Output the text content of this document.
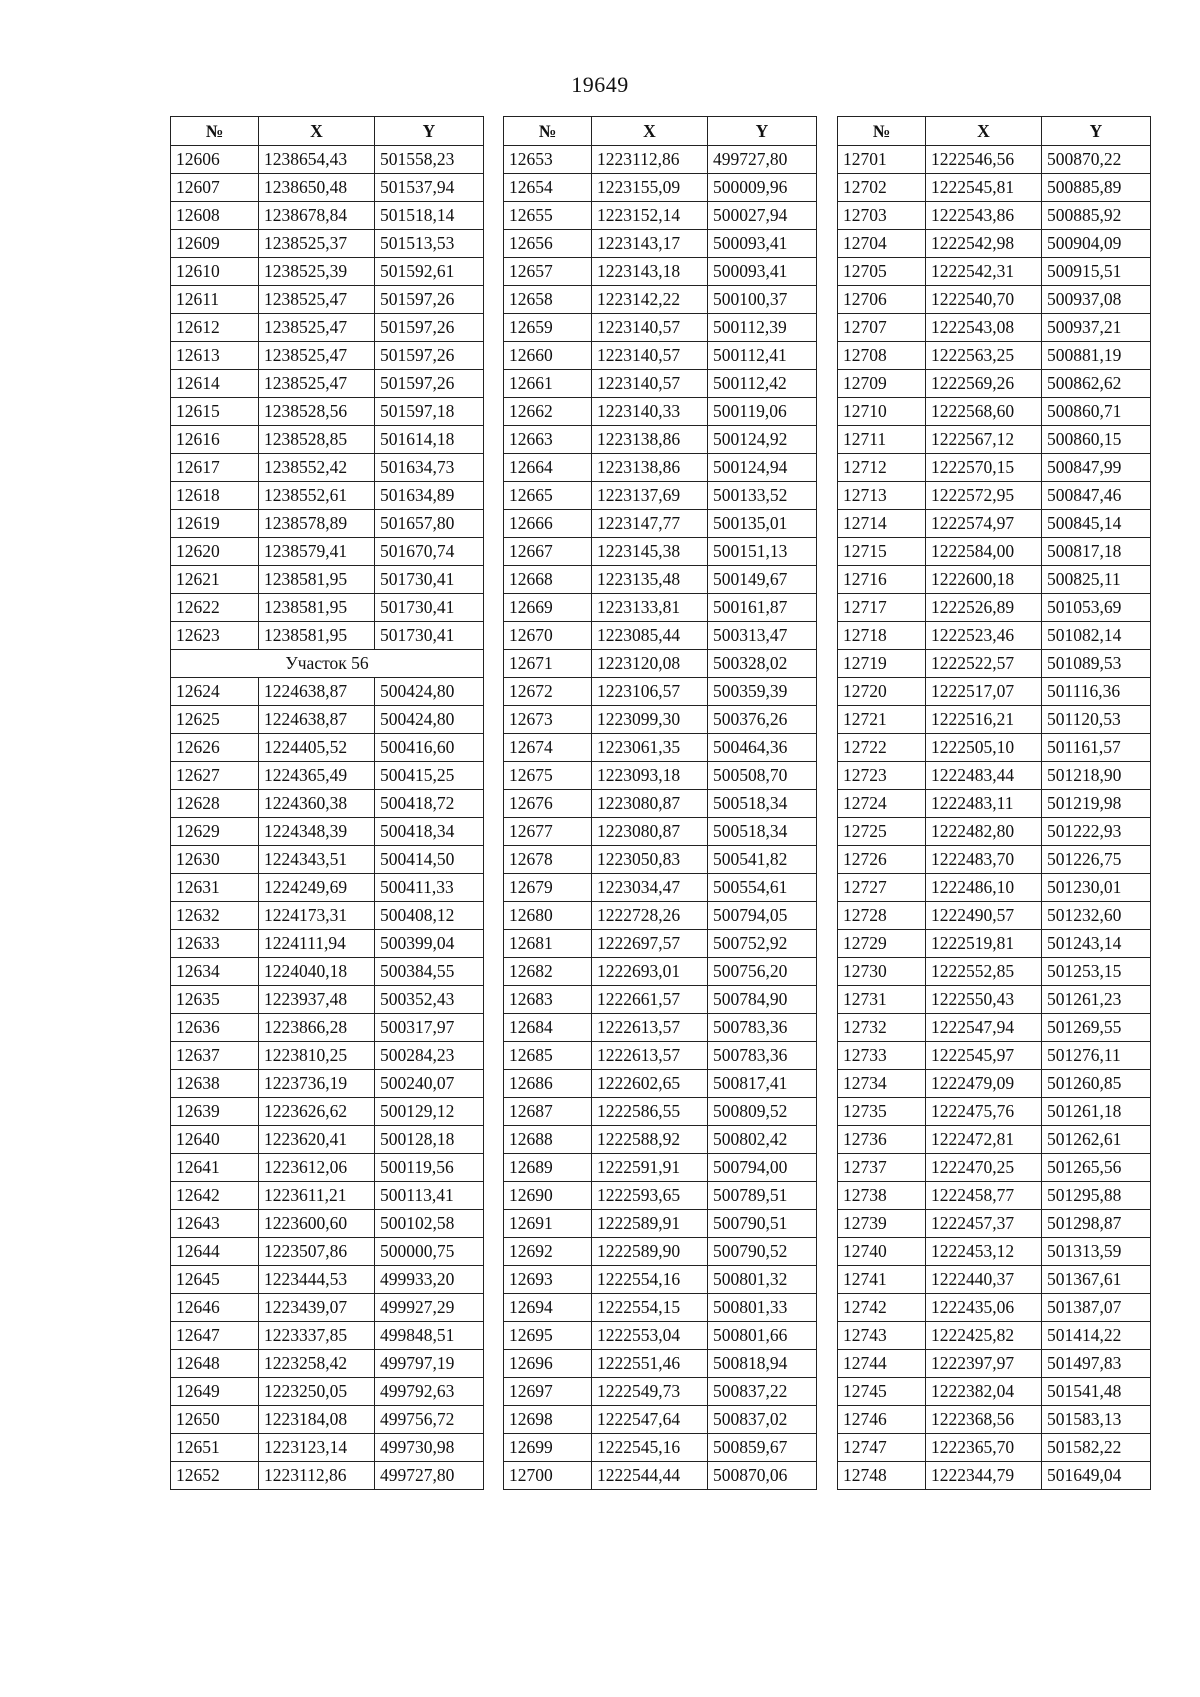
19649
№	X	Y
12606	1238654,43	501558,23
12607	1238650,48	501537,94
12608	1238678,84	501518,14
12609	1238525,37	501513,53
12610	1238525,39	501592,61
12611	1238525,47	501597,26
12612	1238525,47	501597,26
12613	1238525,47	501597,26
12614	1238525,47	501597,26
12615	1238528,56	501597,18
12616	1238528,85	501614,18
12617	1238552,42	501634,73
12618	1238552,61	501634,89
12619	1238578,89	501657,80
12620	1238579,41	501670,74
12621	1238581,95	501730,41
12622	1238581,95	501730,41
12623	1238581,95	501730,41
Участок 56		
12624	1224638,87	500424,80
12625	1224638,87	500424,80
12626	1224405,52	500416,60
12627	1224365,49	500415,25
12628	1224360,38	500418,72
12629	1224348,39	500418,34
12630	1224343,51	500414,50
12631	1224249,69	500411,33
12632	1224173,31	500408,12
12633	1224111,94	500399,04
12634	1224040,18	500384,55
12635	1223937,48	500352,43
12636	1223866,28	500317,97
12637	1223810,25	500284,23
12638	1223736,19	500240,07
12639	1223626,62	500129,12
12640	1223620,41	500128,18
12641	1223612,06	500119,56
12642	1223611,21	500113,41
12643	1223600,60	500102,58
12644	1223507,86	500000,75
12645	1223444,53	499933,20
12646	1223439,07	499927,29
12647	1223337,85	499848,51
12648	1223258,42	499797,19
12649	1223250,05	499792,63
12650	1223184,08	499756,72
12651	1223123,14	499730,98
12652	1223112,86	499727,80
№	X	Y
12653	1223112,86	499727,80
12654	1223155,09	500009,96
12655	1223152,14	500027,94
12656	1223143,17	500093,41
12657	1223143,18	500093,41
12658	1223142,22	500100,37
12659	1223140,57	500112,39
12660	1223140,57	500112,41
12661	1223140,57	500112,42
12662	1223140,33	500119,06
12663	1223138,86	500124,92
12664	1223138,86	500124,94
12665	1223137,69	500133,52
12666	1223147,77	500135,01
12667	1223145,38	500151,13
12668	1223135,48	500149,67
12669	1223133,81	500161,87
12670	1223085,44	500313,47
12671	1223120,08	500328,02
12672	1223106,57	500359,39
12673	1223099,30	500376,26
12674	1223061,35	500464,36
12675	1223093,18	500508,70
12676	1223080,87	500518,34
12677	1223080,87	500518,34
12678	1223050,83	500541,82
12679	1223034,47	500554,61
12680	1222728,26	500794,05
12681	1222697,57	500752,92
12682	1222693,01	500756,20
12683	1222661,57	500784,90
12684	1222613,57	500783,36
12685	1222613,57	500783,36
12686	1222602,65	500817,41
12687	1222586,55	500809,52
12688	1222588,92	500802,42
12689	1222591,91	500794,00
12690	1222593,65	500789,51
12691	1222589,91	500790,51
12692	1222589,90	500790,52
12693	1222554,16	500801,32
12694	1222554,15	500801,33
12695	1222553,04	500801,66
12696	1222551,46	500818,94
12697	1222549,73	500837,22
12698	1222547,64	500837,02
12699	1222545,16	500859,67
12700	1222544,44	500870,06
№	X	Y
12701	1222546,56	500870,22
12702	1222545,81	500885,89
12703	1222543,86	500885,92
12704	1222542,98	500904,09
12705	1222542,31	500915,51
12706	1222540,70	500937,08
12707	1222543,08	500937,21
12708	1222563,25	500881,19
12709	1222569,26	500862,62
12710	1222568,60	500860,71
12711	1222567,12	500860,15
12712	1222570,15	500847,99
12713	1222572,95	500847,46
12714	1222574,97	500845,14
12715	1222584,00	500817,18
12716	1222600,18	500825,11
12717	1222526,89	501053,69
12718	1222523,46	501082,14
12719	1222522,57	501089,53
12720	1222517,07	501116,36
12721	1222516,21	501120,53
12722	1222505,10	501161,57
12723	1222483,44	501218,90
12724	1222483,11	501219,98
12725	1222482,80	501222,93
12726	1222483,70	501226,75
12727	1222486,10	501230,01
12728	1222490,57	501232,60
12729	1222519,81	501243,14
12730	1222552,85	501253,15
12731	1222550,43	501261,23
12732	1222547,94	501269,55
12733	1222545,97	501276,11
12734	1222479,09	501260,85
12735	1222475,76	501261,18
12736	1222472,81	501262,61
12737	1222470,25	501265,56
12738	1222458,77	501295,88
12739	1222457,37	501298,87
12740	1222453,12	501313,59
12741	1222440,37	501367,61
12742	1222435,06	501387,07
12743	1222425,82	501414,22
12744	1222397,97	501497,83
12745	1222382,04	501541,48
12746	1222368,56	501583,13
12747	1222365,70	501582,22
12748	1222344,79	501649,04
